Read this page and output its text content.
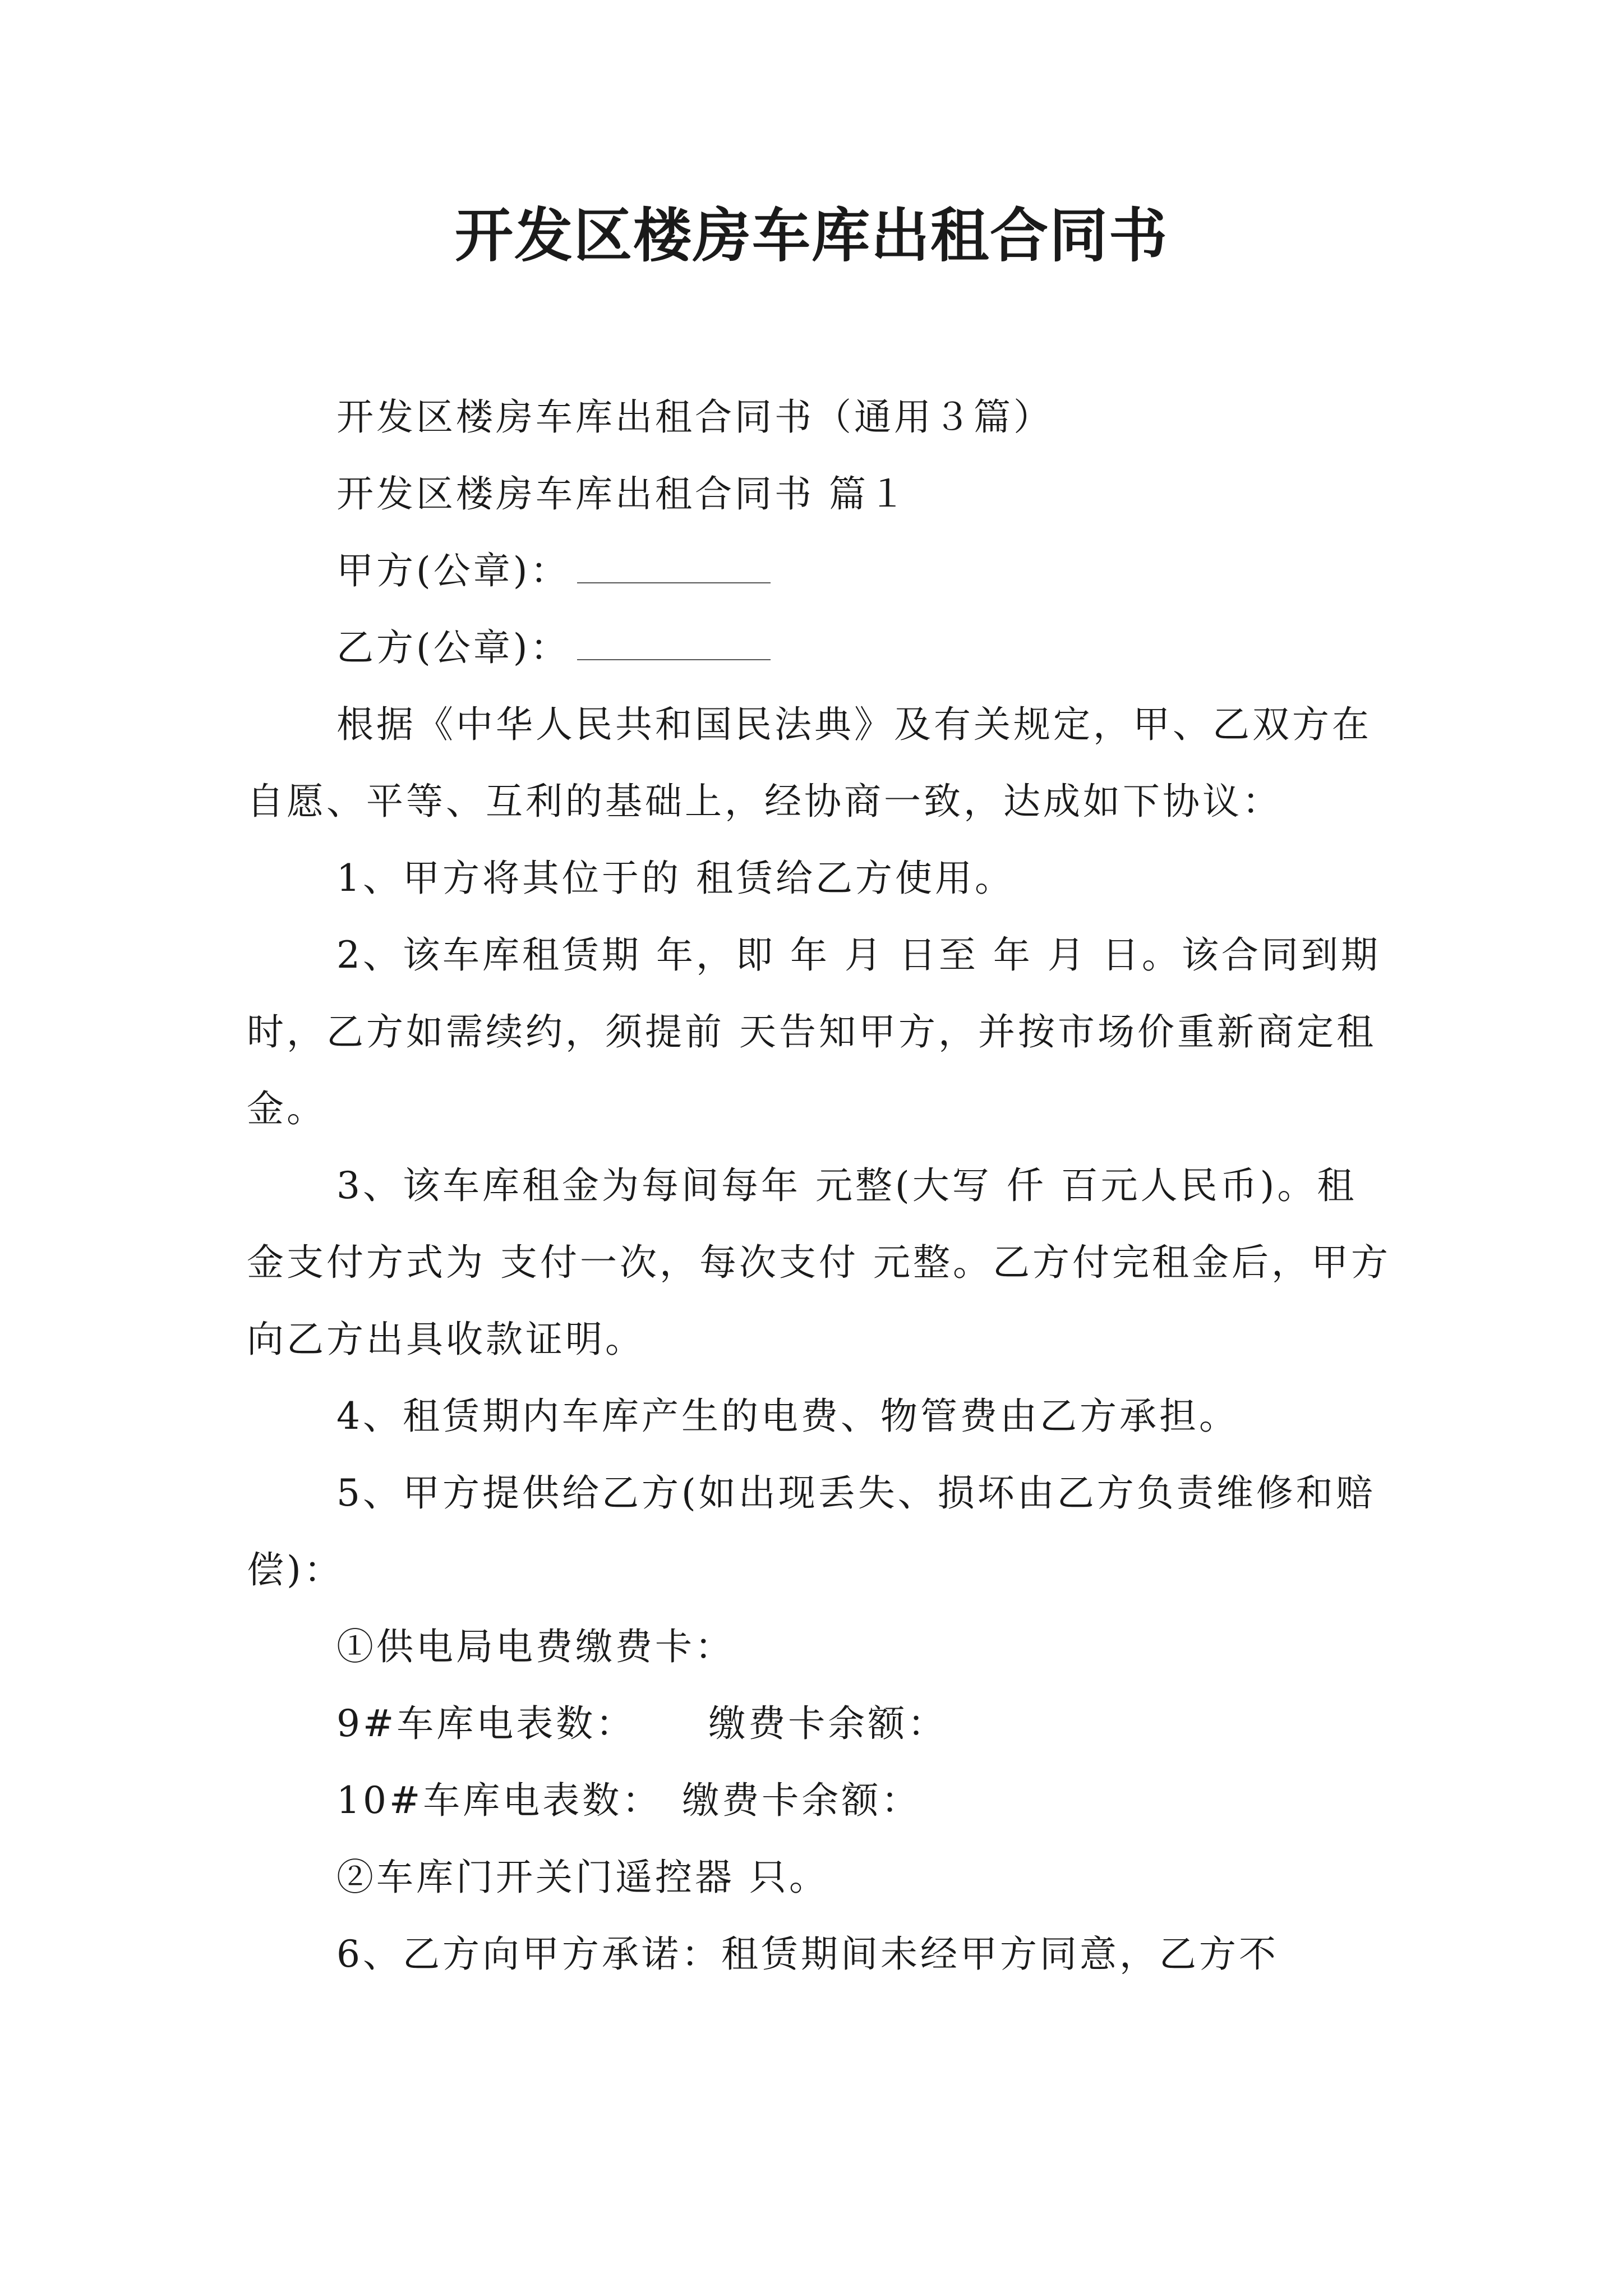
开发区楼房车库出租合同书

开发区楼房车库出租合同书（通用３篇）

开发区楼房车库出租合同书 篇１

甲方(公章)：

乙方(公章)：

根据《中华人民共和国民法典》及有关规定，甲、乙双方在自愿、平等、互利的基础上，经协商一致，达成如下协议：

1、甲方将其位于的 租赁给乙方使用。

2、该车库租赁期 年，即 年 月 日至 年 月 日。该合同到期时，乙方如需续约，须提前 天告知甲方，并按市场价重新商定租金。

3、该车库租金为每间每年 元整(大写 仟 百元人民币)。租金支付方式为 支付一次，每次支付 元整。乙方付完租金后，甲方向乙方出具收款证明。

4、租赁期内车库产生的电费、物管费由乙方承担。

5、甲方提供给乙方(如出现丢失、损坏由乙方负责维修和赔偿)：

①供电局电费缴费卡：

9#车库电表数： 缴费卡余额：

10#车库电表数： 缴费卡余额：

②车库门开关门遥控器 只。

6、乙方向甲方承诺：租赁期间未经甲方同意，乙方不
